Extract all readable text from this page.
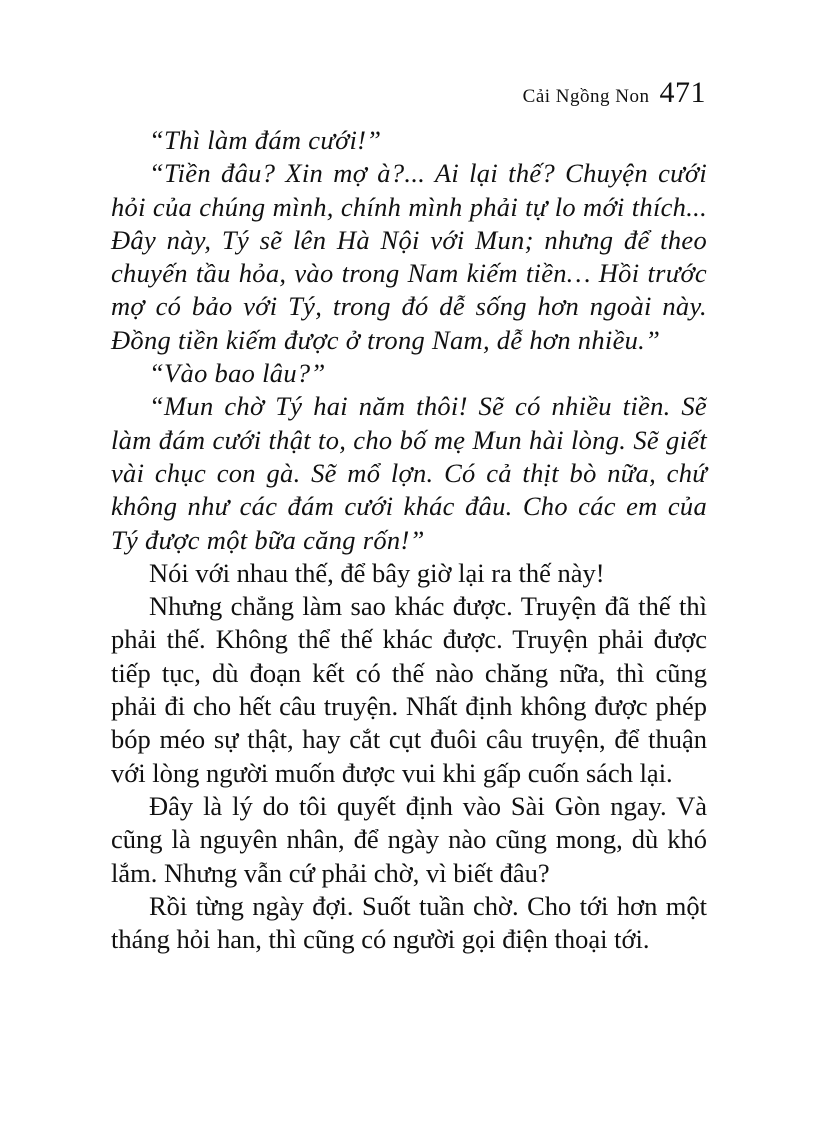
Cải Ngồng Non 471

“Thì làm đám cưới!”

“Tiền đâu? Xin mợ à?... Ai lại thế? Chuyện cưới hỏi của chúng mình, chính mình phải tự lo mới thích... Đây này, Tý sẽ lên Hà Nội với Mun; nhưng để theo chuyến tầu hỏa, vào trong Nam kiếm tiền… Hồi trước mợ có bảo với Tý, trong đó dễ sống hơn ngoài này. Đồng tiền kiếm được ở trong Nam, dễ hơn nhiều.”

“Vào bao lâu?”

“Mun chờ Tý hai năm thôi! Sẽ có nhiều tiền. Sẽ làm đám cưới thật to, cho bố mẹ Mun hài lòng. Sẽ giết vài chục con gà. Sẽ mổ lợn. Có cả thịt bò nữa, chứ không như các đám cưới khác đâu. Cho các em của Tý được một bữa căng rốn!”

Nói với nhau thế, để bây giờ lại ra thế này!

Nhưng chẳng làm sao khác được. Truyện đã thế thì phải thế. Không thể thế khác được. Truyện phải được tiếp tục, dù đoạn kết có thế nào chăng nữa, thì cũng phải đi cho hết câu truyện. Nhất định không được phép bóp méo sự thật, hay cắt cụt đuôi câu truyện, để thuận với lòng người muốn được vui khi gấp cuốn sách lại.

Đây là lý do tôi quyết định vào Sài Gòn ngay. Và cũng là nguyên nhân, để ngày nào cũng mong, dù khó lắm. Nhưng vẫn cứ phải chờ, vì biết đâu?

Rồi từng ngày đợi. Suốt tuần chờ. Cho tới hơn một tháng hỏi han, thì cũng có người gọi điện thoại tới.
